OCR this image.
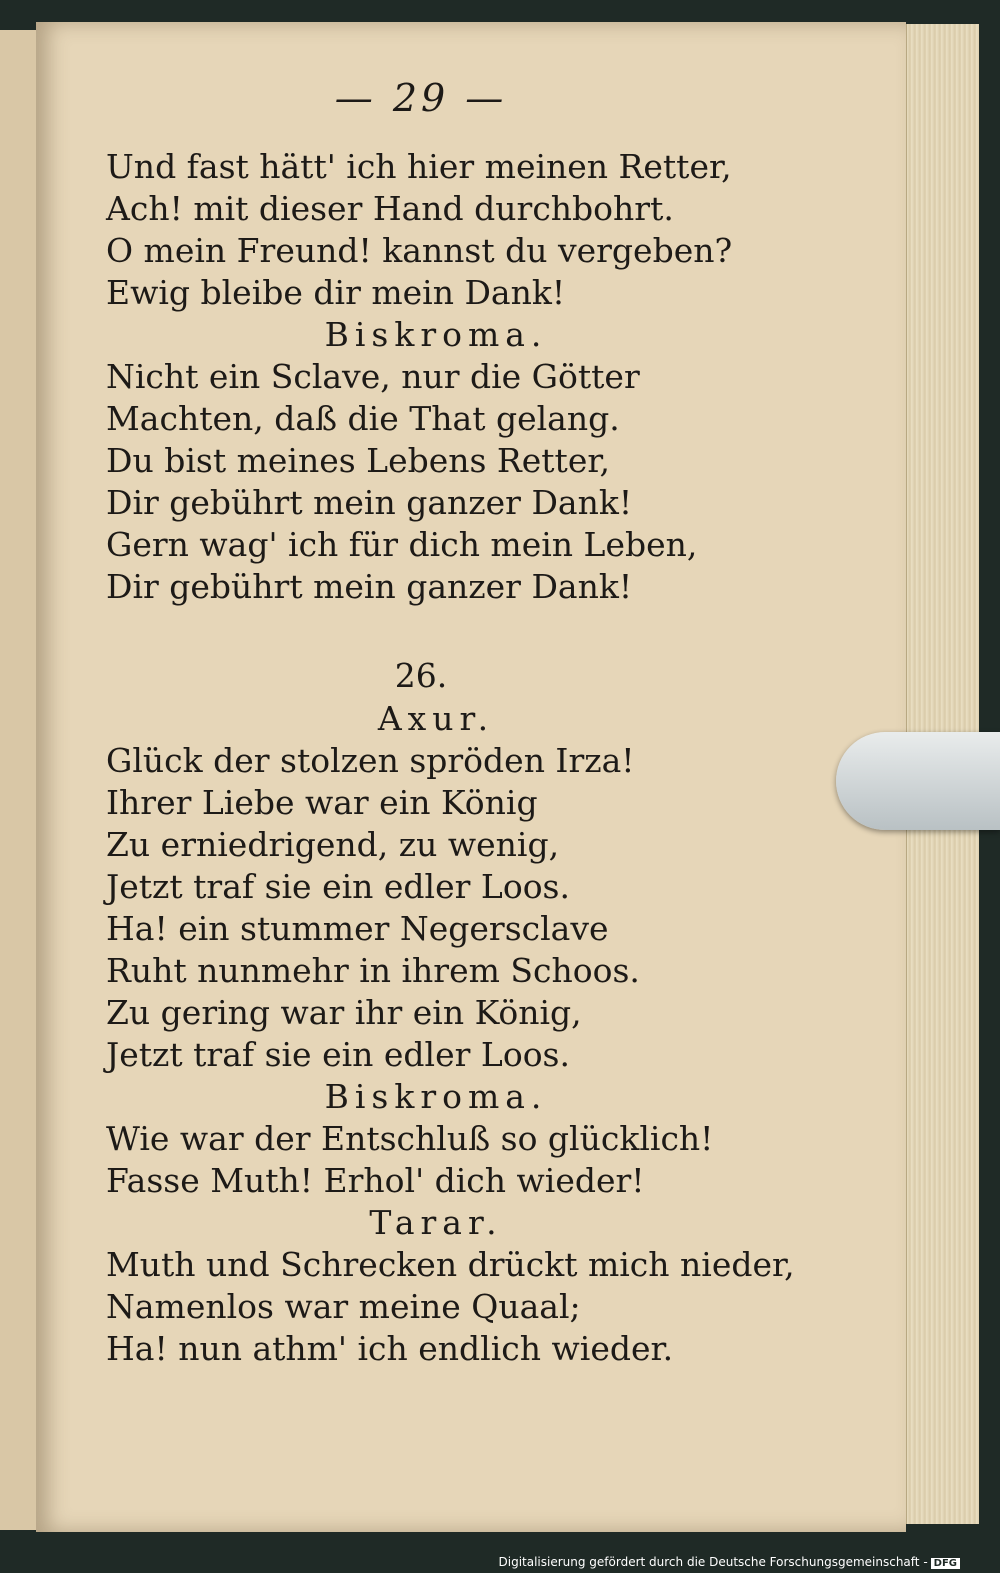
— 29 —
Und fast hätt' ich hier meinen Retter,
Ach! mit dieser Hand durchbohrt.
O mein Freund! kannst du vergeben?
Ewig bleibe dir mein Dank!
Biskroma.
Nicht ein Sclave, nur die Götter
Machten, daß die That gelang.
Du bist meines Lebens Retter,
Dir gebührt mein ganzer Dank!
Gern wag' ich für dich mein Leben,
Dir gebührt mein ganzer Dank!
26.
Axur.
Glück der stolzen spröden Irza!
Ihrer Liebe war ein König
Zu erniedrigend, zu wenig,
Jetzt traf sie ein edler Loos.
Ha! ein stummer Negersclave
Ruht nunmehr in ihrem Schoos.
Zu gering war ihr ein König,
Jetzt traf sie ein edler Loos.
Biskroma.
Wie war der Entschluß so glücklich!
Fasse Muth! Erhol' dich wieder!
Tarar.
Muth und Schrecken drückt mich nieder,
Namenlos war meine Quaal;
Ha! nun athm' ich endlich wieder.
Digitalisierung gefördert durch die Deutsche Forschungsgemeinschaft - DFG
